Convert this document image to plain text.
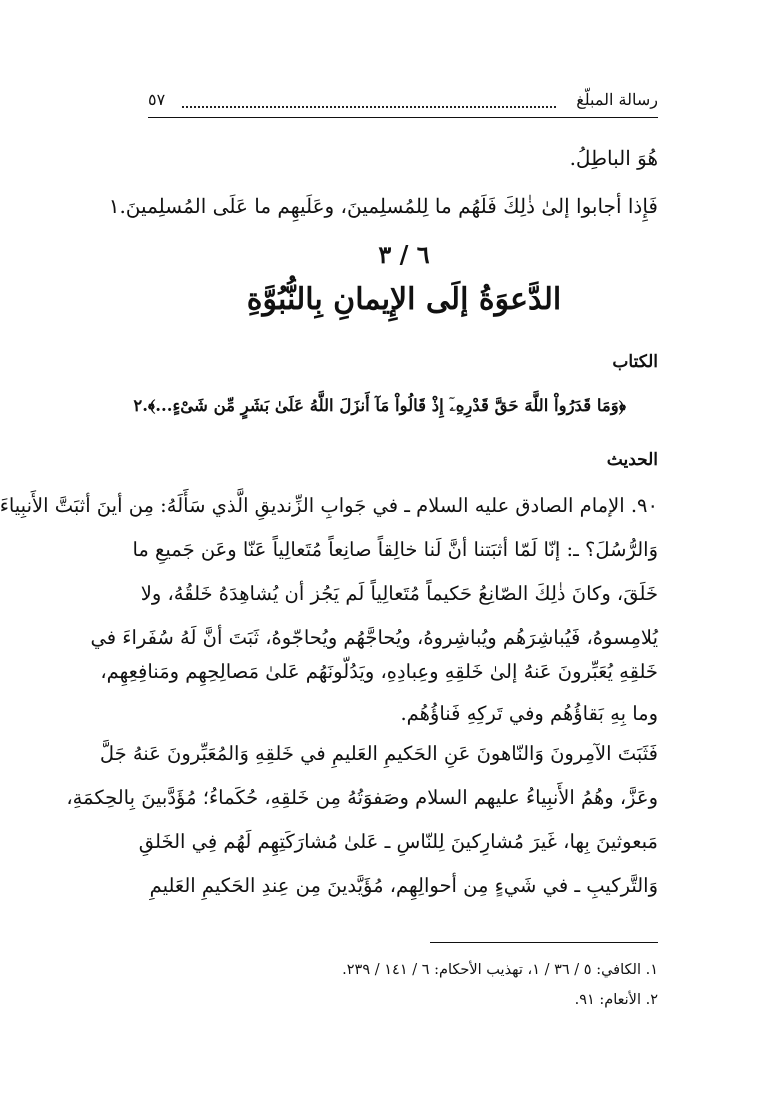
رسالة المبلّغ
٥٧
هُوَ الباطِلُ.
فَإِذا أجابوا إلىٰ ذٰلِكَ فَلَهُم ما لِلمُسلِمينَ، وعَلَيهِم ما عَلَى المُسلِمينَ.١
٦ / ٣
الدَّعوَةُ إلَى الإِيمانِ بِالنُّبُوَّةِ
الكتاب
﴿وَمَا قَدَرُواْ اللَّهَ حَقَّ قَدْرِهِۦٓ إِذْ قَالُواْ مَآ أَنزَلَ اللَّهُ عَلَىٰ بَشَرٍ مِّن شَىْءٍ...﴾.٢
الحديث
٩٠. الإمام الصادق عليه السلام ـ في جَوابِ الزِّنديقِ الَّذي سَأَلَهُ: مِن أينَ أثبَتَّ الأَنبِياءَ
وَالرُّسُلَ؟ ـ: إنّا لَمّا أثبَتنا أنَّ لَنا خالِقاً صانِعاً مُتَعالِياً عَنّا وعَن جَميعِ ما
خَلَقَ، وكانَ ذٰلِكَ الصّانِعُ حَكيماً مُتَعالِياً لَم يَجُز أن يُشاهِدَهُ خَلقُهُ، ولا
يُلامِسوهُ، فَيُباشِرَهُم ويُباشِروهُ، ويُحاجَّهُم ويُحاجّوهُ، ثَبَتَ أنَّ لَهُ سُفَراءَ في
خَلقِهِ يُعَبِّرونَ عَنهُ إلىٰ خَلقِهِ وعِبادِهِ، ويَدُلّونَهُم عَلىٰ مَصالِحِهِم ومَنافِعِهِم،
وما بِهِ بَقاؤُهُم وفي تَركِهِ فَناؤُهُم.
فَثَبَتَ الآمِرونَ وَالنّاهونَ عَنِ الحَكيمِ العَليمِ في خَلقِهِ وَالمُعَبِّرونَ عَنهُ جَلَّ
وعَزَّ، وهُمُ الأَنبِياءُ عليهم السلام وصَفوَتُهُ مِن خَلقِهِ، حُكَماءُ؛ مُؤَدَّبينَ بِالحِكمَةِ،
مَبعوثينَ بِها، غَيرَ مُشارِكينَ لِلنّاسِ ـ عَلىٰ مُشارَكَتِهِم لَهُم فِي الخَلقِ
وَالتَّركيبِ ـ في شَيءٍ مِن أحوالِهِم، مُؤَيَّدينَ مِن عِندِ الحَكيمِ العَليمِ
١. الكافي: ٥ / ٣٦ / ١، تهذيب الأحكام: ٦ / ١٤١ / ٢٣٩.
٢. الأنعام: ٩١.
